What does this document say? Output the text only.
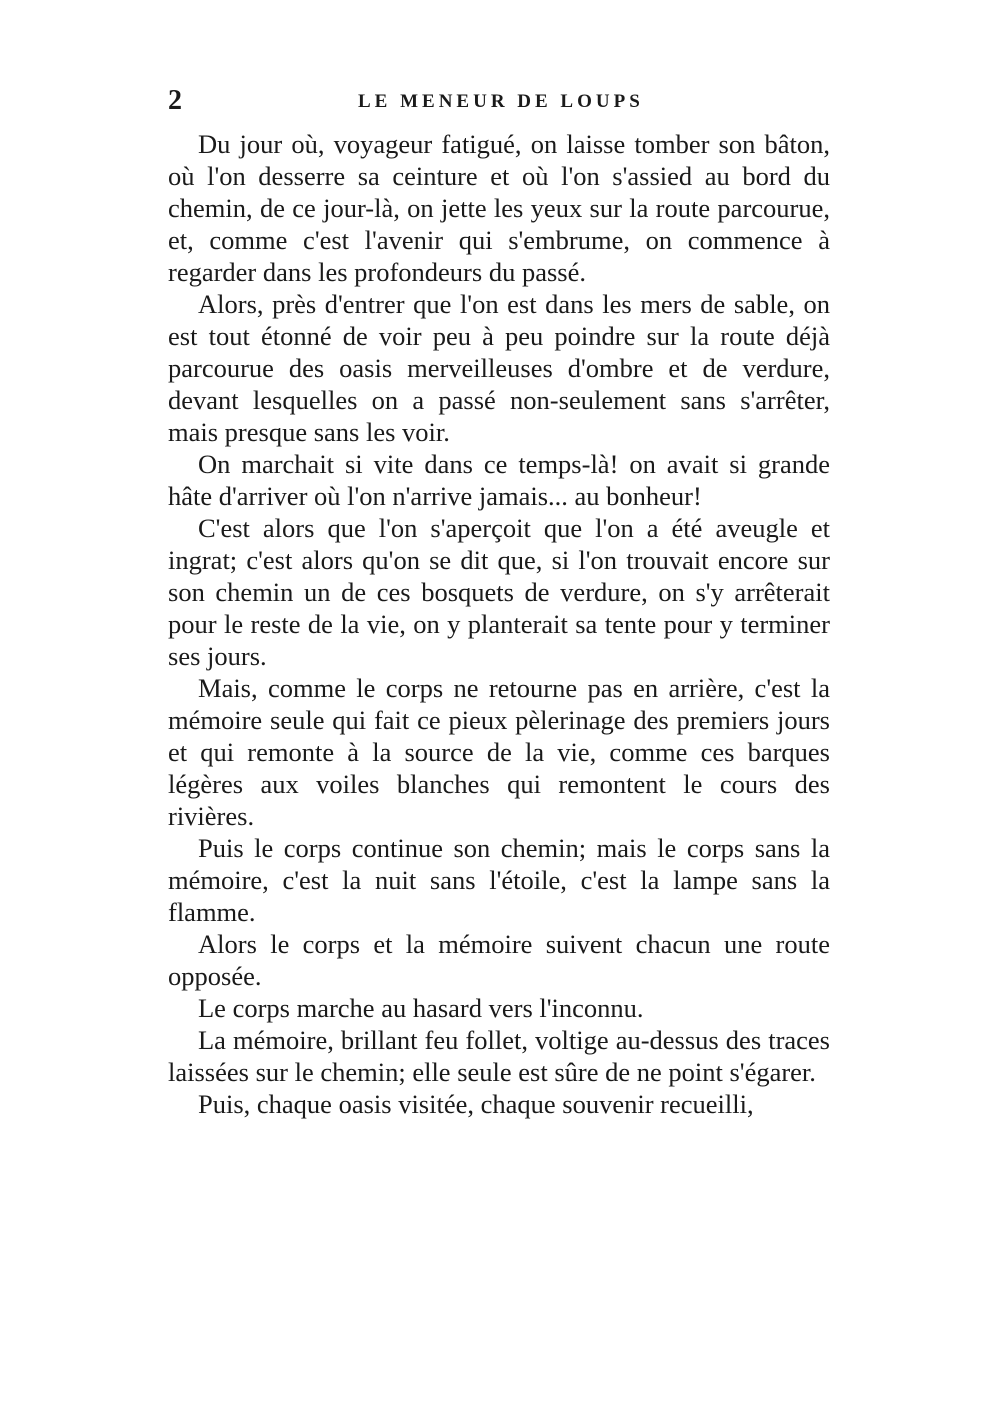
2	LE MENEUR DE LOUPS

Du jour où, voyageur fatigué, on laisse tomber son bâton, où l'on desserre sa ceinture et où l'on s'assied au bord du chemin, de ce jour-là, on jette les yeux sur la route parcourue, et, comme c'est l'avenir qui s'embrume, on commence à regarder dans les profondeurs du passé.

Alors, près d'entrer que l'on est dans les mers de sable, on est tout étonné de voir peu à peu poindre sur la route déjà parcourue des oasis merveilleuses d'ombre et de verdure, devant lesquelles on a passé non-seulement sans s'arrêter, mais presque sans les voir.

On marchait si vite dans ce temps-là! on avait si grande hâte d'arriver où l'on n'arrive jamais... au bonheur!

C'est alors que l'on s'aperçoit que l'on a été aveugle et ingrat; c'est alors qu'on se dit que, si l'on trouvait encore sur son chemin un de ces bosquets de verdure, on s'y arrêterait pour le reste de la vie, on y planterait sa tente pour y terminer ses jours.

Mais, comme le corps ne retourne pas en arrière, c'est la mémoire seule qui fait ce pieux pèlerinage des premiers jours et qui remonte à la source de la vie, comme ces barques légères aux voiles blanches qui remontent le cours des rivières.

Puis le corps continue son chemin; mais le corps sans la mémoire, c'est la nuit sans l'étoile, c'est la lampe sans la flamme.

Alors le corps et la mémoire suivent chacun une route opposée.

Le corps marche au hasard vers l'inconnu.

La mémoire, brillant feu follet, voltige au-dessus des traces laissées sur le chemin; elle seule est sûre de ne point s'égarer.

Puis, chaque oasis visitée, chaque souvenir recueilli,
